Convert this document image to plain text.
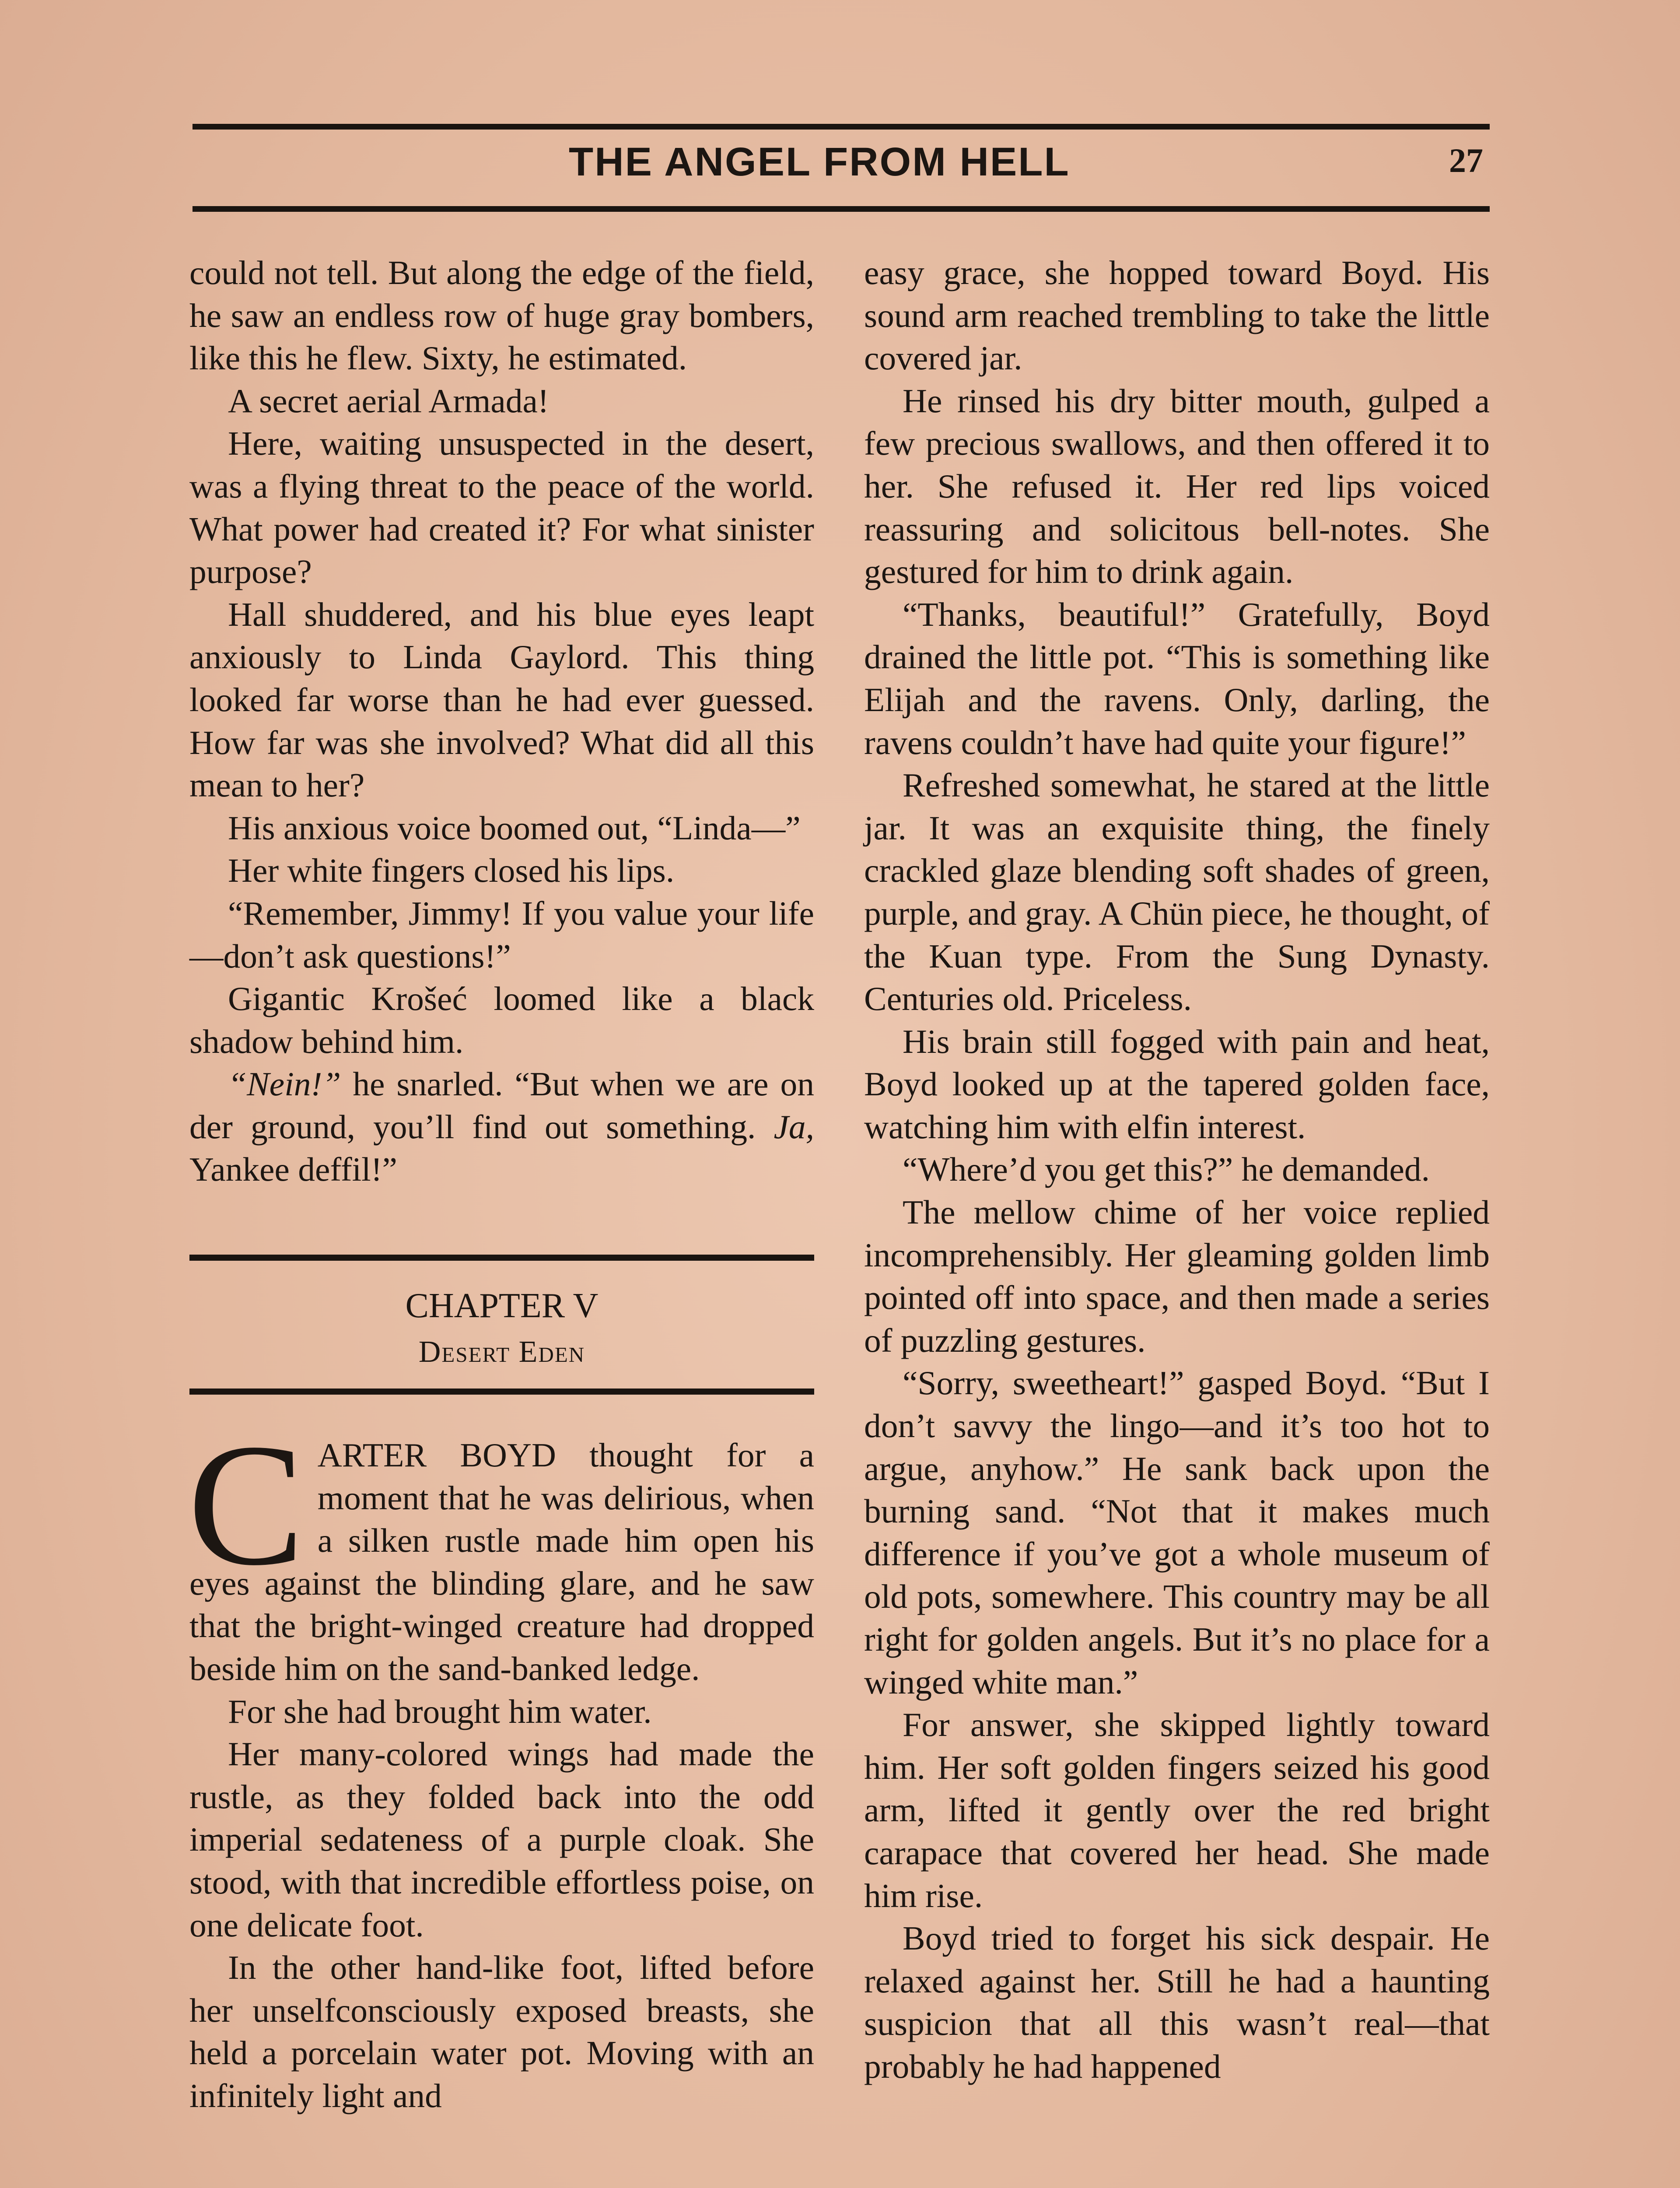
THE ANGEL FROM HELL	27

could not tell. But along the edge of the field, he saw an endless row of huge gray bombers, like this he flew. Sixty, he estimated.

A secret aerial Armada!

Here, waiting unsuspected in the desert, was a flying threat to the peace of the world. What power had created it? For what sinister purpose?

Hall shuddered, and his blue eyes leapt anxiously to Linda Gaylord. This thing looked far worse than he had ever guessed. How far was she involved? What did all this mean to her?

His anxious voice boomed out, “Linda—”

Her white fingers closed his lips.

“Remember, Jimmy! If you value your life—don’t ask questions!”

Gigantic Krošeć loomed like a black shadow behind him.

“Nein!” he snarled. “But when we are on der ground, you’ll find out something. Ja, Yankee deffil!”

CHAPTER V

Desert Eden

CARTER BOYD thought for a moment that he was delirious, when a silken rustle made him open his eyes against the blinding glare, and he saw that the bright-winged creature had dropped beside him on the sand-banked ledge.

For she had brought him water.

Her many-colored wings had made the rustle, as they folded back into the odd imperial sedateness of a purple cloak. She stood, with that incredible effortless poise, on one delicate foot.

In the other hand-like foot, lifted before her unselfconsciously exposed breasts, she held a porcelain water pot. Moving with an infinitely light and

easy grace, she hopped toward Boyd. His sound arm reached trembling to take the little covered jar.

He rinsed his dry bitter mouth, gulped a few precious swallows, and then offered it to her. She refused it. Her red lips voiced reassuring and solicitous bell-notes. She gestured for him to drink again.

“Thanks, beautiful!” Gratefully, Boyd drained the little pot. “This is something like Elijah and the ravens. Only, darling, the ravens couldn’t have had quite your figure!”

Refreshed somewhat, he stared at the little jar. It was an exquisite thing, the finely crackled glaze blending soft shades of green, purple, and gray. A Chün piece, he thought, of the Kuan type. From the Sung Dynasty. Centuries old. Priceless.

His brain still fogged with pain and heat, Boyd looked up at the tapered golden face, watching him with elfin interest.

“Where’d you get this?” he demanded.

The mellow chime of her voice replied incomprehensibly. Her gleaming golden limb pointed off into space, and then made a series of puzzling gestures.

“Sorry, sweetheart!” gasped Boyd. “But I don’t savvy the lingo—and it’s too hot to argue, anyhow.” He sank back upon the burning sand. “Not that it makes much difference if you’ve got a whole museum of old pots, somewhere. This country may be all right for golden angels. But it’s no place for a winged white man.”

For answer, she skipped lightly toward him. Her soft golden fingers seized his good arm, lifted it gently over the red bright carapace that covered her head. She made him rise.

Boyd tried to forget his sick despair. He relaxed against her. Still he had a haunting suspicion that all this wasn’t real—that probably he had happened
